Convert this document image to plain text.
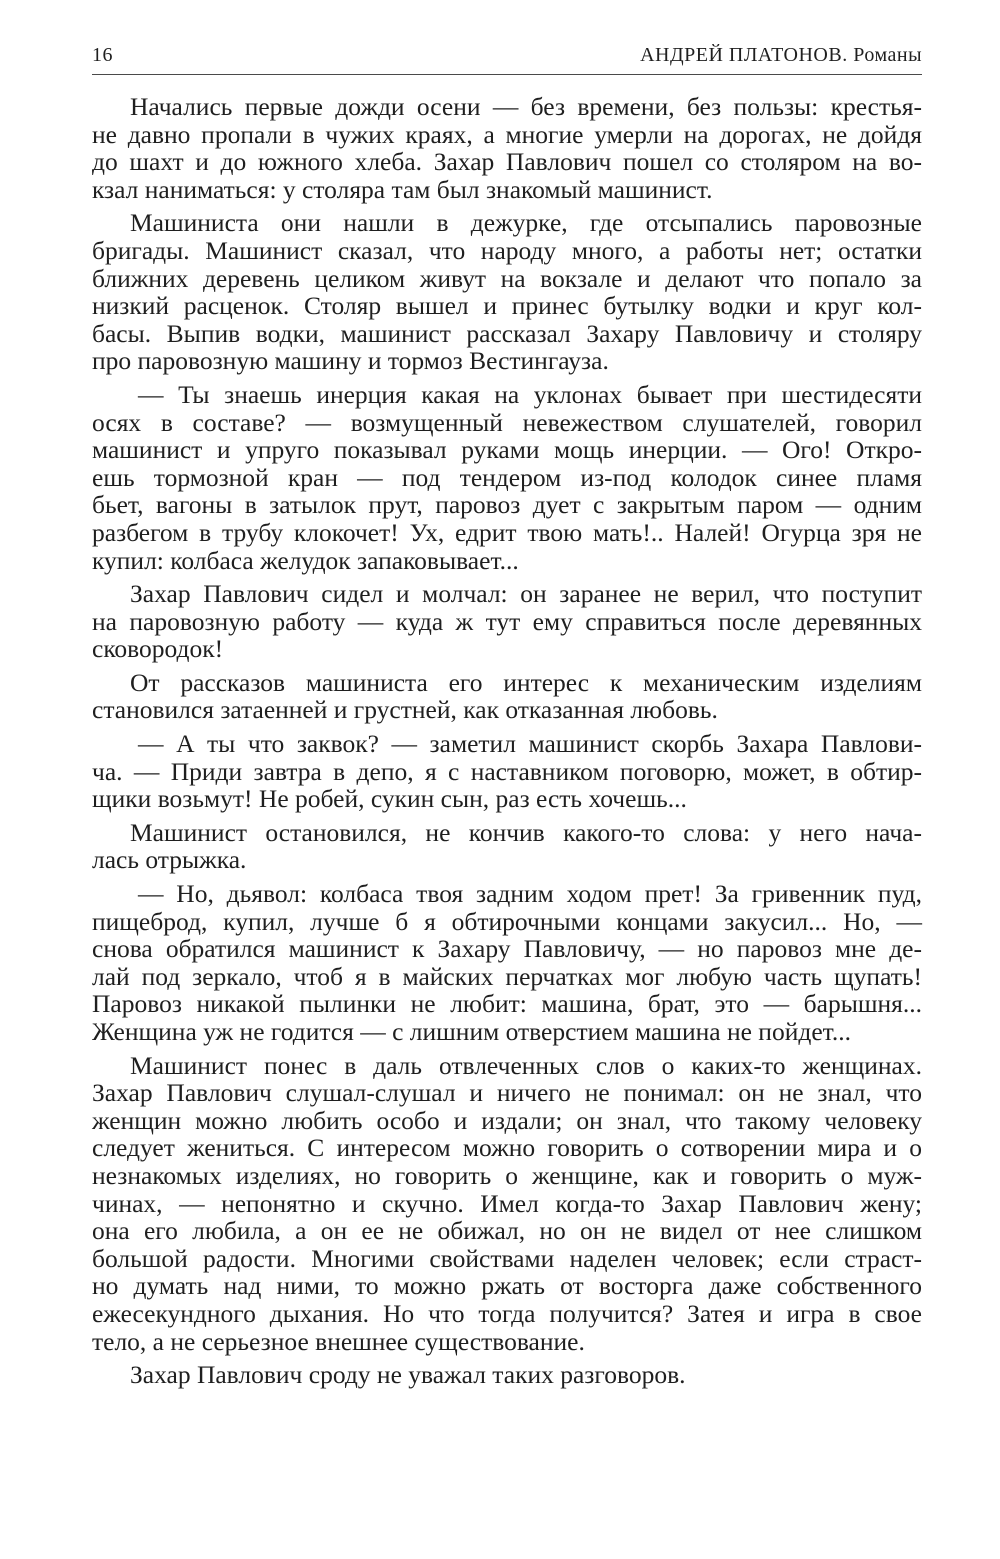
16	АНДРЕЙ ПЛАТОНОВ. Романы

Начались первые дожди осени — без времени, без пользы: крестья-
не давно пропали в чужих краях, а многие умерли на дорогах, не дойдя
до шахт и до южного хлеба. Захар Павлович пошел со столяром на во-
кзал наниматься: у столяра там был знакомый машинист.

Машиниста они нашли в дежурке, где отсыпались паровозные
бригады. Машинист сказал, что народу много, а работы нет; остатки
ближних деревень целиком живут на вокзале и делают что попало за
низкий расценок. Столяр вышел и принес бутылку водки и круг кол-
басы. Выпив водки, машинист рассказал Захару Павловичу и столяру
про паровозную машину и тормоз Вестингауза.

— Ты знаешь инерция какая на уклонах бывает при шестидесяти
осях в составе? — возмущенный невежеством слушателей, говорил
машинист и упруго показывал руками мощь инерции. — Ого! Откро-
ешь тормозной кран — под тендером из-под колодок синее пламя
бьет, вагоны в затылок прут, паровоз дует с закрытым паром — одним
разбегом в трубу клокочет! Ух, едрит твою мать!.. Налей! Огурца зря не
купил: колбаса желудок запаковывает...

Захар Павлович сидел и молчал: он заранее не верил, что поступит
на паровозную работу — куда ж тут ему справиться после деревянных
сковородок!

От рассказов машиниста его интерес к механическим изделиям
становился затаенней и грустней, как отказанная любовь.

— А ты что заквок? — заметил машинист скорбь Захара Павлови-
ча. — Приди завтра в депо, я с наставником поговорю, может, в обтир-
щики возьмут! Не робей, сукин сын, раз есть хочешь...

Машинист остановился, не кончив какого-то слова: у него нача-
лась отрыжка.

— Но, дьявол: колбаса твоя задним ходом прет! За гривенник пуд,
пищеброд, купил, лучше б я обтирочными концами закусил... Но, —
снова обратился машинист к Захару Павловичу, — но паровоз мне де-
лай под зеркало, чтоб я в майских перчатках мог любую часть щупать!
Паровоз никакой пылинки не любит: машина, брат, это — барышня...
Женщина уж не годится — с лишним отверстием машина не пойдет...

Машинист понес в даль отвлеченных слов о каких-то женщинах.
Захар Павлович слушал-слушал и ничего не понимал: он не знал, что
женщин можно любить особо и издали; он знал, что такому человеку
следует жениться. С интересом можно говорить о сотворении мира и о
незнакомых изделиях, но говорить о женщине, как и говорить о муж-
чинах, — непонятно и скучно. Имел когда-то Захар Павлович жену;
она его любила, а он ее не обижал, но он не видел от нее слишком
большой радости. Многими свойствами наделен человек; если страст-
но думать над ними, то можно ржать от восторга даже собственного
ежесекундного дыхания. Но что тогда получится? Затея и игра в свое
тело, а не серьезное внешнее существование.

Захар Павлович сроду не уважал таких разговоров.
